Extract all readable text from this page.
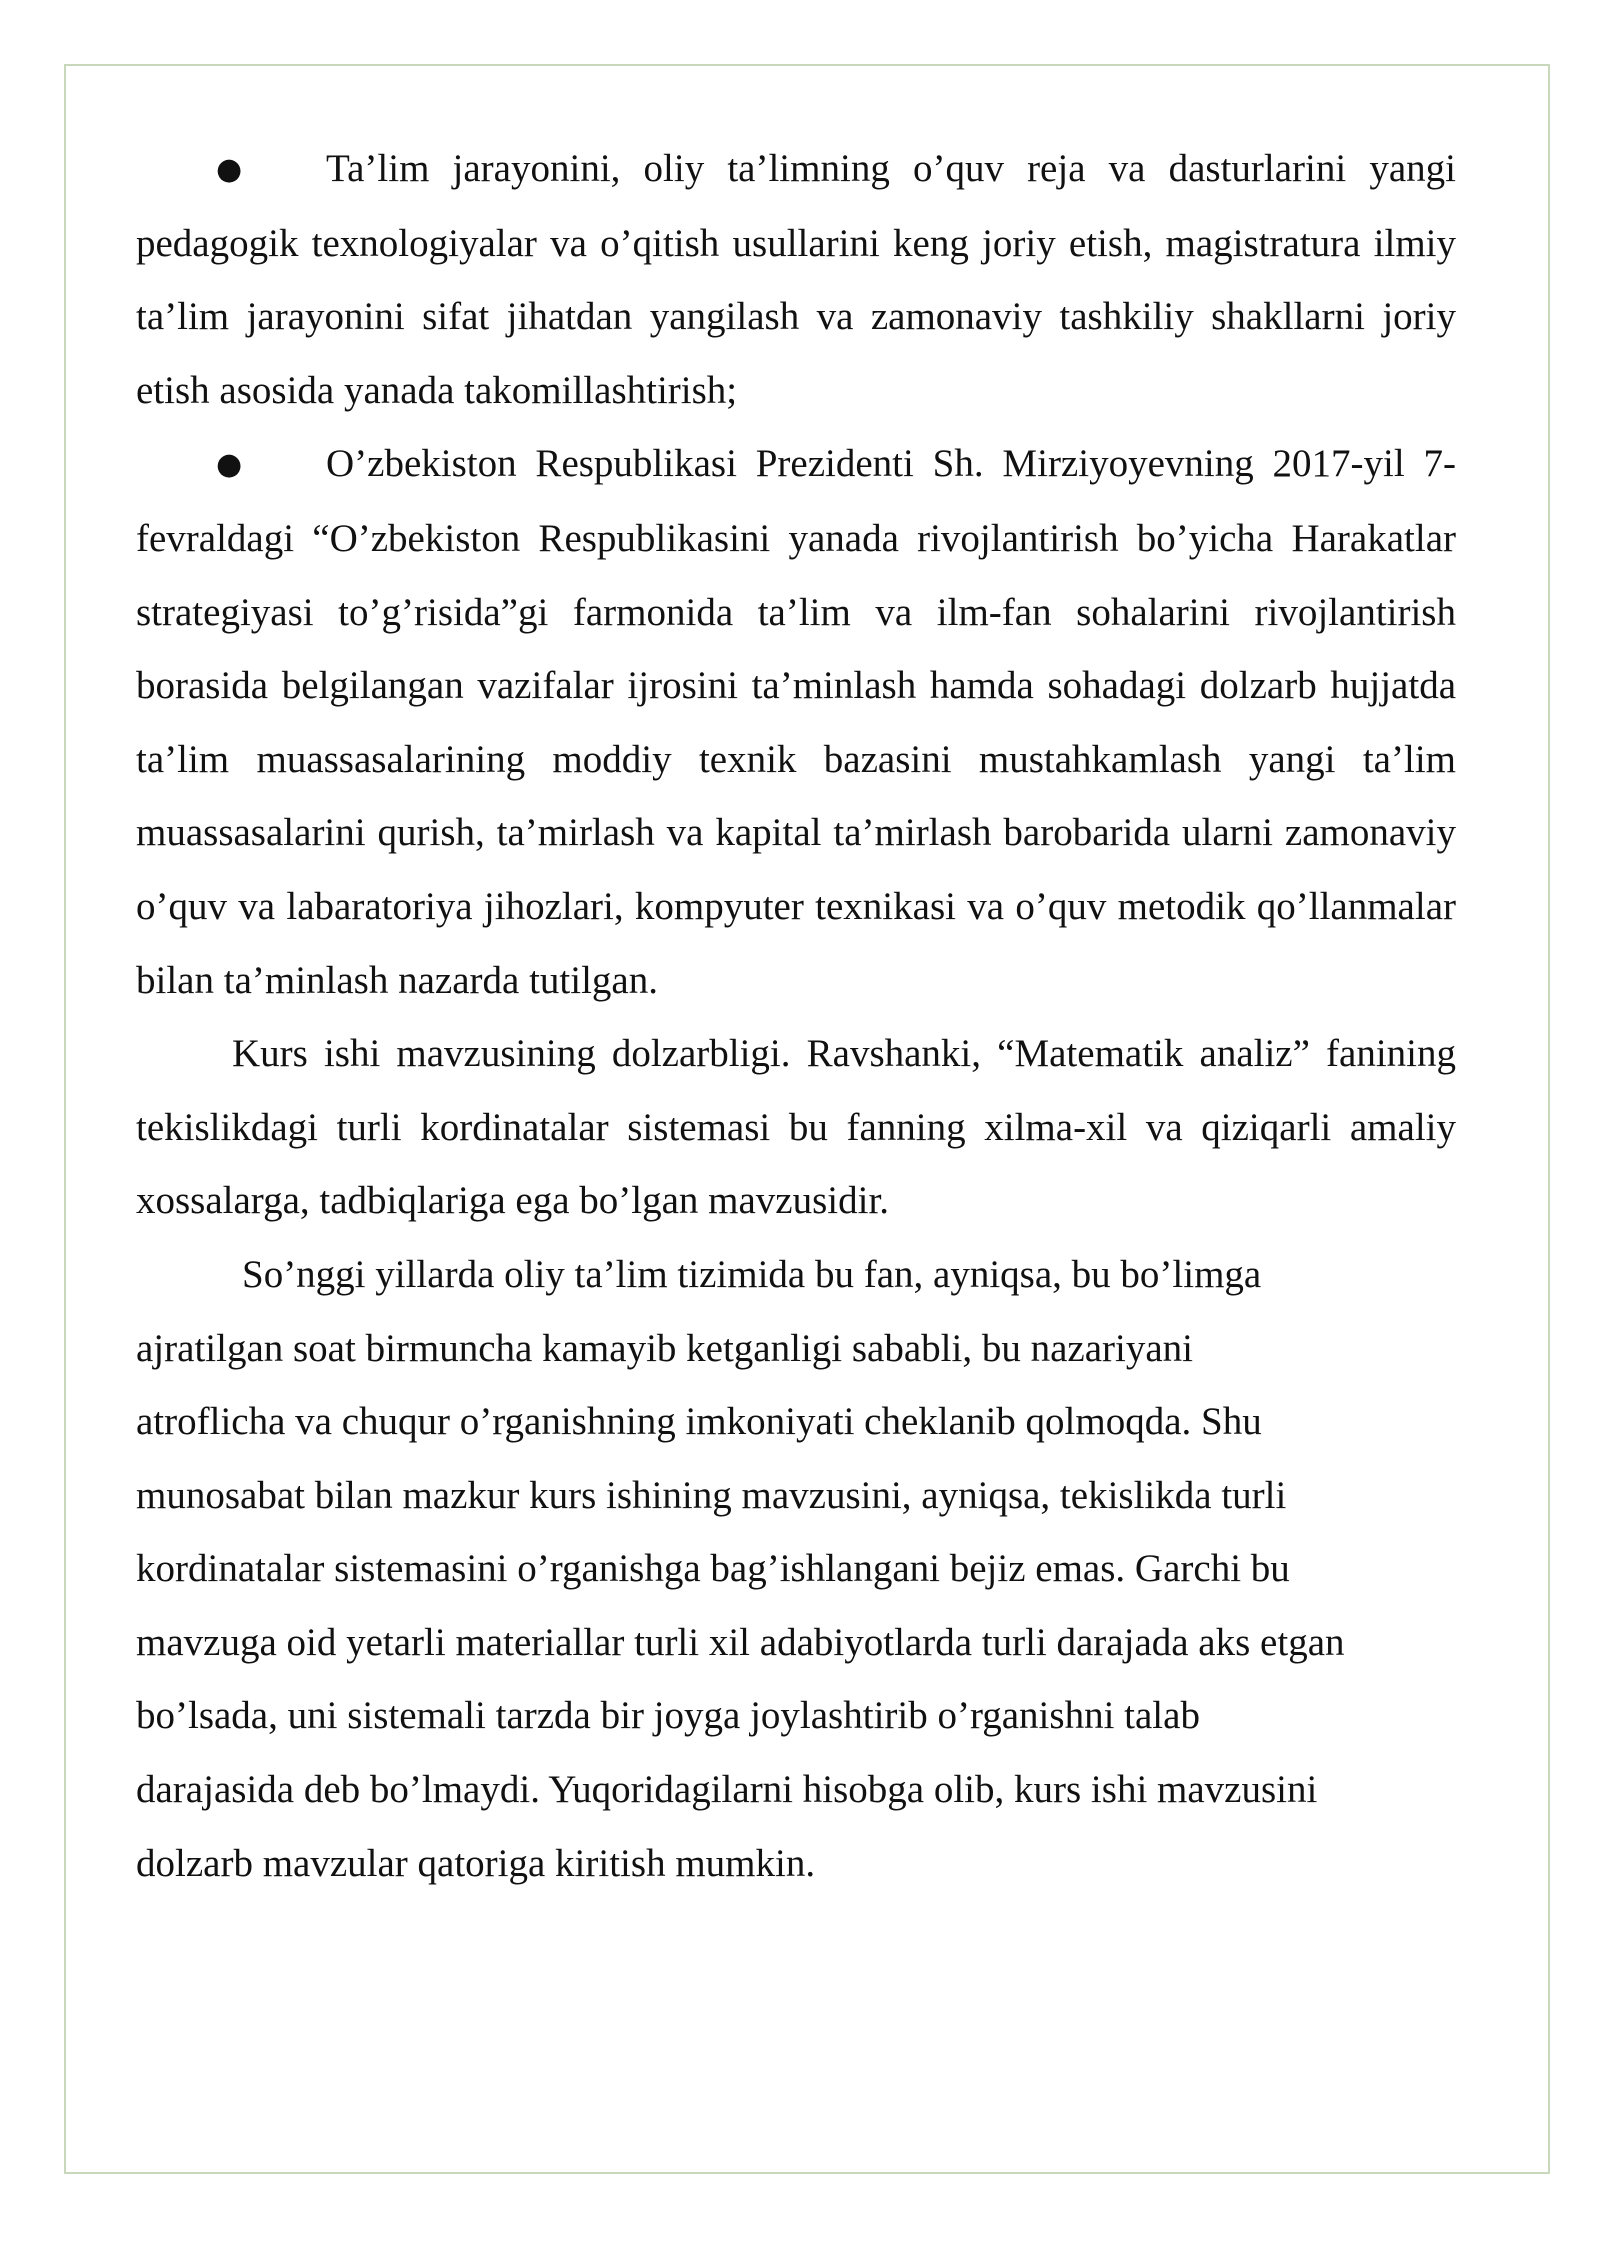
● Ta’lim jarayonini, oliy ta’limning o’quv reja va dasturlarini yangi pedagogik texnologiyalar va o’qitish usullarini keng joriy etish, magistratura ilmiy ta’lim jarayonini sifat jihatdan yangilash va zamonaviy tashkiliy shakllarni joriy etish asosida yanada takomillashtirish;

● O’zbekiston Respublikasi Prezidenti Sh. Mirziyoyevning 2017-yil 7-fevraldagi “O’zbekiston Respublikasini yanada rivojlantirish bo’yicha Harakatlar strategiyasi to’g’risida”gi farmonida ta’lim va ilm-fan sohalarini rivojlantirish borasida belgilangan vazifalar ijrosini ta’minlash hamda sohadagi dolzarb hujjatda ta’lim muassasalarining moddiy texnik bazasini mustahkamlash yangi ta’lim muassasalarini qurish, ta’mirlash va kapital ta’mirlash barobarida ularni zamonaviy o’quv va labaratoriya jihozlari, kompyuter texnikasi va o’quv metodik qo’llanmalar bilan ta’minlash nazarda tutilgan.

Kurs ishi mavzusining dolzarbligi. Ravshanki, “Matematik analiz” fanining tekislikdagi turli kordinatalar sistemasi bu fanning xilma-xil va qiziqarli amaliy xossalarga, tadbiqlariga ega bo’lgan mavzusidir.

So’nggi yillarda oliy ta’lim tizimida bu fan, ayniqsa, bu bo’limga
ajratilgan soat birmuncha kamayib ketganligi sababli, bu nazariyani
atroflicha va chuqur o’rganishning imkoniyati cheklanib qolmoqda. Shu
munosabat bilan mazkur kurs ishining mavzusini, ayniqsa, tekislikda turli
kordinatalar sistemasini o’rganishga bag’ishlangani bejiz emas. Garchi bu
mavzuga oid yetarli materiallar turli xil adabiyotlarda turli darajada aks etgan
bo’lsada, uni sistemali tarzda bir joyga joylashtirib o’rganishni talab
darajasida deb bo’lmaydi. Yuqoridagilarni hisobga olib, kurs ishi mavzusini
dolzarb mavzular qatoriga kiritish mumkin.
